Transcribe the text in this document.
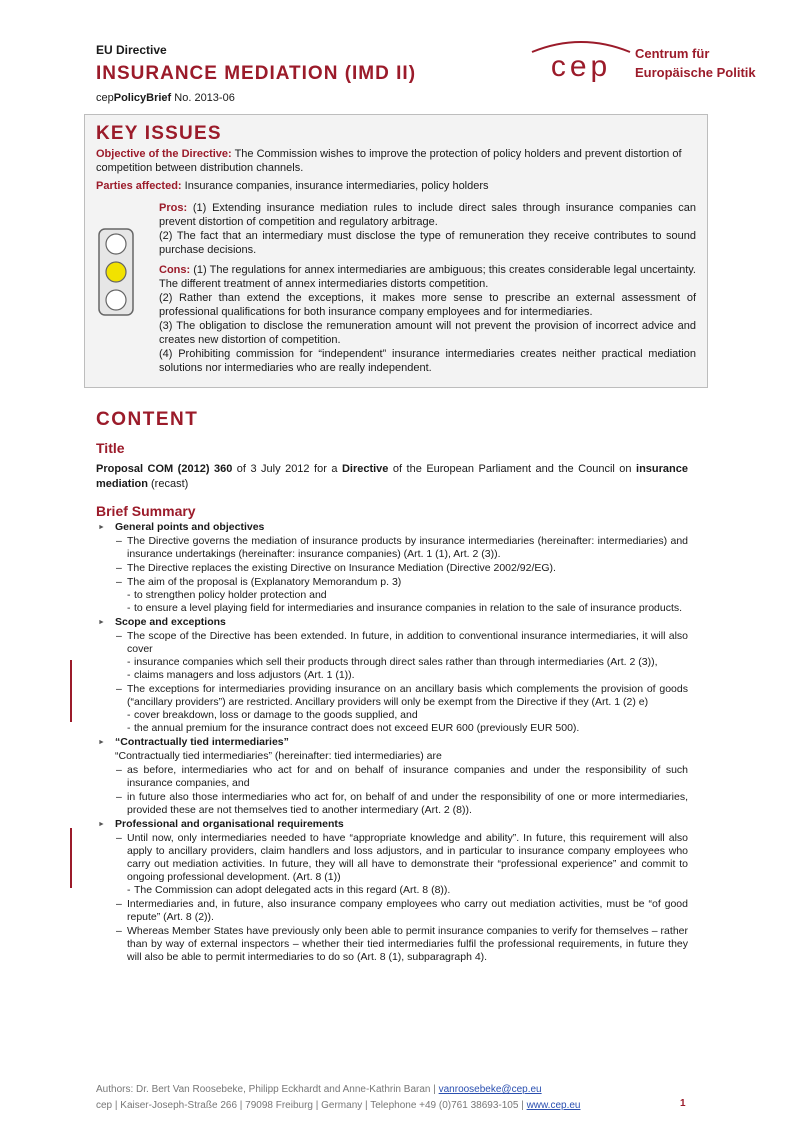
EU Directive
INSURANCE MEDIATION (IMD II)
cepPolicyBrief No. 2013-06
cep Centrum für
Europäische Politik
KEY ISSUES

Objective of the Directive: The Commission wishes to improve the protection of policy holders and prevent distortion of competition between distribution channels.

Parties affected: Insurance companies, insurance intermediaries, policy holders

Pros: (1) Extending insurance mediation rules to include direct sales through insurance companies can prevent distortion of competition and regulatory arbitrage.

(2) The fact that an intermediary must disclose the type of remuneration they receive contributes to sound purchase decisions.

Cons: (1) The regulations for annex intermediaries are ambiguous; this creates considerable legal uncertainty. The different treatment of annex intermediaries distorts competition.

(2) Rather than extend the exceptions, it makes more sense to prescribe an external assessment of professional qualifications for both insurance company employees and for intermediaries.

(3) The obligation to disclose the remuneration amount will not prevent the provision of incorrect advice and creates new distortion of competition.

(4) Prohibiting commission for “independent” insurance intermediaries creates neither practical mediation solutions nor intermediaries who are really independent.

CONTENT
Title
Proposal COM (2012) 360 of 3 July 2012 for a Directive of the European Parliament and the Council on insurance mediation (recast)
Brief Summary
► General points and objectives
– The Directive governs the mediation of insurance products by insurance intermediaries (hereinafter: intermediaries) and insurance undertakings (hereinafter: insurance companies) (Art. 1 (1), Art. 2 (3)).
– The Directive replaces the existing Directive on Insurance Mediation (Directive 2002/92/EG).
– The aim of the proposal is (Explanatory Memorandum p. 3)
- to strengthen policy holder protection and
- to ensure a level playing field for intermediaries and insurance companies in relation to the sale of insurance products.
► Scope and exceptions
– The scope of the Directive has been extended. In future, in addition to conventional insurance intermediaries, it will also cover
- insurance companies which sell their products through direct sales rather than through intermediaries (Art. 2 (3)),
- claims managers and loss adjustors (Art. 1 (1)).
– The exceptions for intermediaries providing insurance on an ancillary basis which complements the provision of goods (“ancillary providers”) are restricted. Ancillary providers will only be exempt from the Directive if they (Art. 1 (2) e)
- cover breakdown, loss or damage to the goods supplied, and
- the annual premium for the insurance contract does not exceed EUR 600 (previously EUR 500).
► “Contractually tied intermediaries”
“Contractually tied intermediaries” (hereinafter: tied intermediaries) are
– as before, intermediaries who act for and on behalf of insurance companies and under the responsibility of such insurance companies, and
– in future also those intermediaries who act for, on behalf of and under the responsibility of one or more intermediaries, provided these are not themselves tied to another intermediary (Art. 2 (8)).
► Professional and organisational requirements
– Until now, only intermediaries needed to have “appropriate knowledge and ability”. In future, this requirement will also apply to ancillary providers, claim handlers and loss adjustors, and in particular to insurance company employees who carry out mediation activities. In future, they will all have to demonstrate their “professional experience” and commit to ongoing professional development. (Art. 8 (1))
- The Commission can adopt delegated acts in this regard (Art. 8 (8)).
– Intermediaries and, in future, also insurance company employees who carry out mediation activities, must be “of good repute” (Art. 8 (2)).
– Whereas Member States have previously only been able to permit insurance companies to verify for themselves – rather than by way of external inspectors – whether their tied intermediaries fulfil the professional requirements, in future they will also be able to permit intermediaries to do so (Art. 8 (1), subparagraph 4).
Authors: Dr. Bert Van Roosebeke, Philipp Eckhardt and Anne-Kathrin Baran | vanroosebeke@cep.eu
cep | Kaiser-Joseph-Straße 266 | 79098 Freiburg | Germany | Telephone +49 (0)761 38693-105 | www.cep.eu	1
